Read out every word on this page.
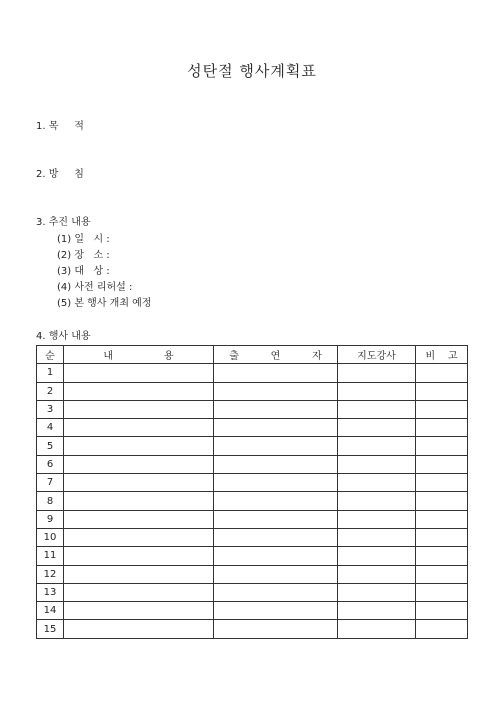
성탄절 행사계획표
1. 목     적
2. 방     침
3. 추진 내용
(1) 일   시 :
(2) 장   소 :
(3) 대   상 :
(4) 사전 리허설 :
(5) 본 행사 개최 예정
4. 행사 내용
순	내                용	출          연          자	지도강사	비    고
1				
2				
3				
4				
5				
6				
7				
8				
9				
10				
11				
12				
13				
14				
15				
